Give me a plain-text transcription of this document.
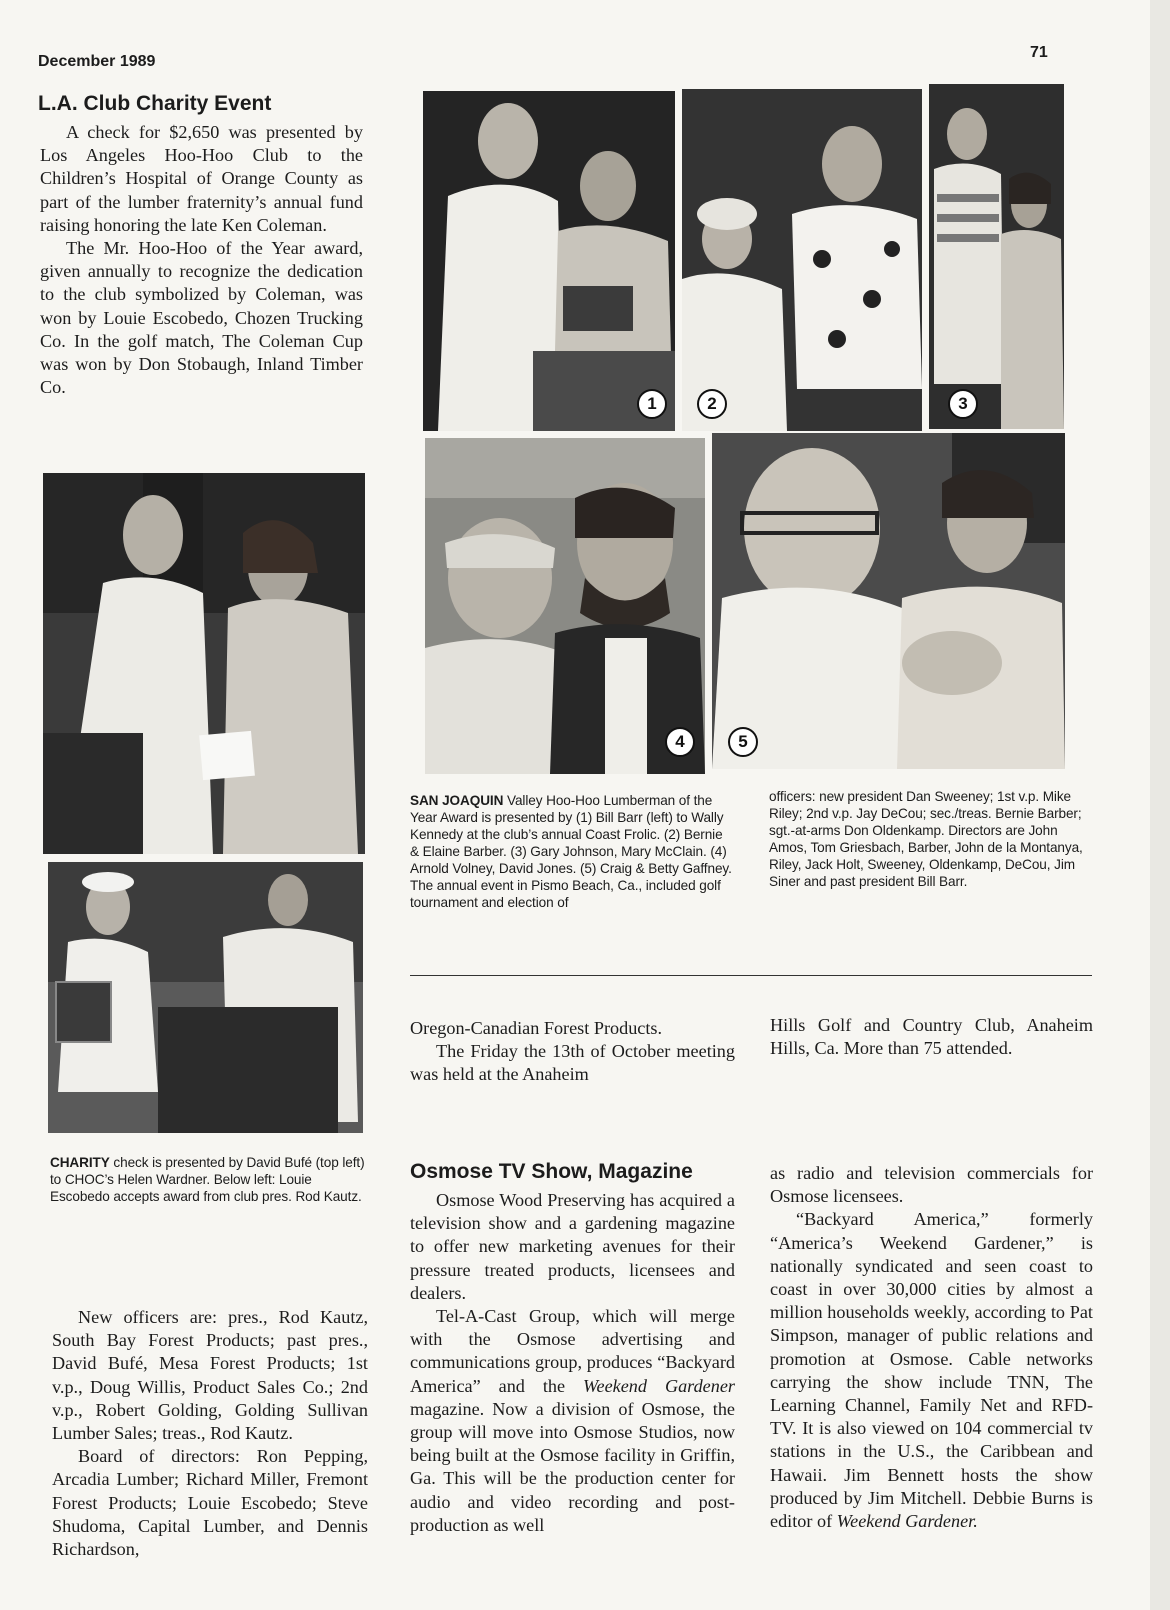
December 1989
71
L.A. Club Charity Event

A check for $2,650 was presented by Los Angeles Hoo-Hoo Club to the Children’s Hospital of Orange County as part of the lumber fraternity’s annual fund raising honoring the late Ken Coleman.

The Mr. Hoo-Hoo of the Year award, given annually to recognize the dedication to the club symbolized by Coleman, was won by Louie Escobedo, Chozen Trucking Co. In the golf match, The Coleman Cup was won by Don Stobaugh, Inland Timber Co.

CHARITY check is presented by David Bufé (top left) to CHOC’s Helen Wardner. Below left: Louie Escobedo accepts award from club pres. Rod Kautz.

New officers are: pres., Rod Kautz, South Bay Forest Products; past pres., David Bufé, Mesa Forest Products; 1st v.p., Doug Willis, Product Sales Co.; 2nd v.p., Robert Golding, Golding Sullivan Lumber Sales; treas., Rod Kautz.

Board of directors: Ron Pepping, Arcadia Lumber; Richard Miller, Fremont Forest Products; Louie Escobedo; Steve Shudoma, Capital Lumber, and Dennis Richardson,

1	2	3
4	5
SAN JOAQUIN Valley Hoo-Hoo Lumberman of the Year Award is presented by (1) Bill Barr (left) to Wally Kennedy at the club’s annual Coast Frolic. (2) Bernie & Elaine Barber. (3) Gary Johnson, Mary McClain. (4) Arnold Volney, David Jones. (5) Craig & Betty Gaffney. The annual event in Pismo Beach, Ca., included golf tournament and election of
officers: new president Dan Sweeney; 1st v.p. Mike Riley; 2nd v.p. Jay DeCou; sec./treas. Bernie Barber; sgt.-at-arms Don Oldenkamp. Directors are John Amos, Tom Griesbach, Barber, John de la Montanya, Riley, Jack Holt, Sweeney, Oldenkamp, DeCou, Jim Siner and past president Bill Barr.

Oregon-Canadian Forest Products.

The Friday the 13th of October meeting was held at the Anaheim

Hills Golf and Country Club, Anaheim Hills, Ca. More than 75 attended.

Osmose TV Show, Magazine

Osmose Wood Preserving has acquired a television show and a gardening magazine to offer new marketing avenues for their pressure treated products, licensees and dealers.

Tel-A-Cast Group, which will merge with the Osmose advertising and communications group, produces “Backyard America” and the Weekend Gardener magazine. Now a division of Osmose, the group will move into Osmose Studios, now being built at the Osmose facility in Griffin, Ga. This will be the production center for audio and video recording and post-production as well

as radio and television commercials for Osmose licensees.

“Backyard America,” formerly “America’s Weekend Gardener,” is nationally syndicated and seen coast to coast in over 30,000 cities by almost a million households weekly, according to Pat Simpson, manager of public relations and promotion at Osmose. Cable networks carrying the show include TNN, The Learning Channel, Family Net and RFD-TV. It is also viewed on 104 commercial tv stations in the U.S., the Caribbean and Hawaii. Jim Bennett hosts the show produced by Jim Mitchell. Debbie Burns is editor of Weekend Gardener.
